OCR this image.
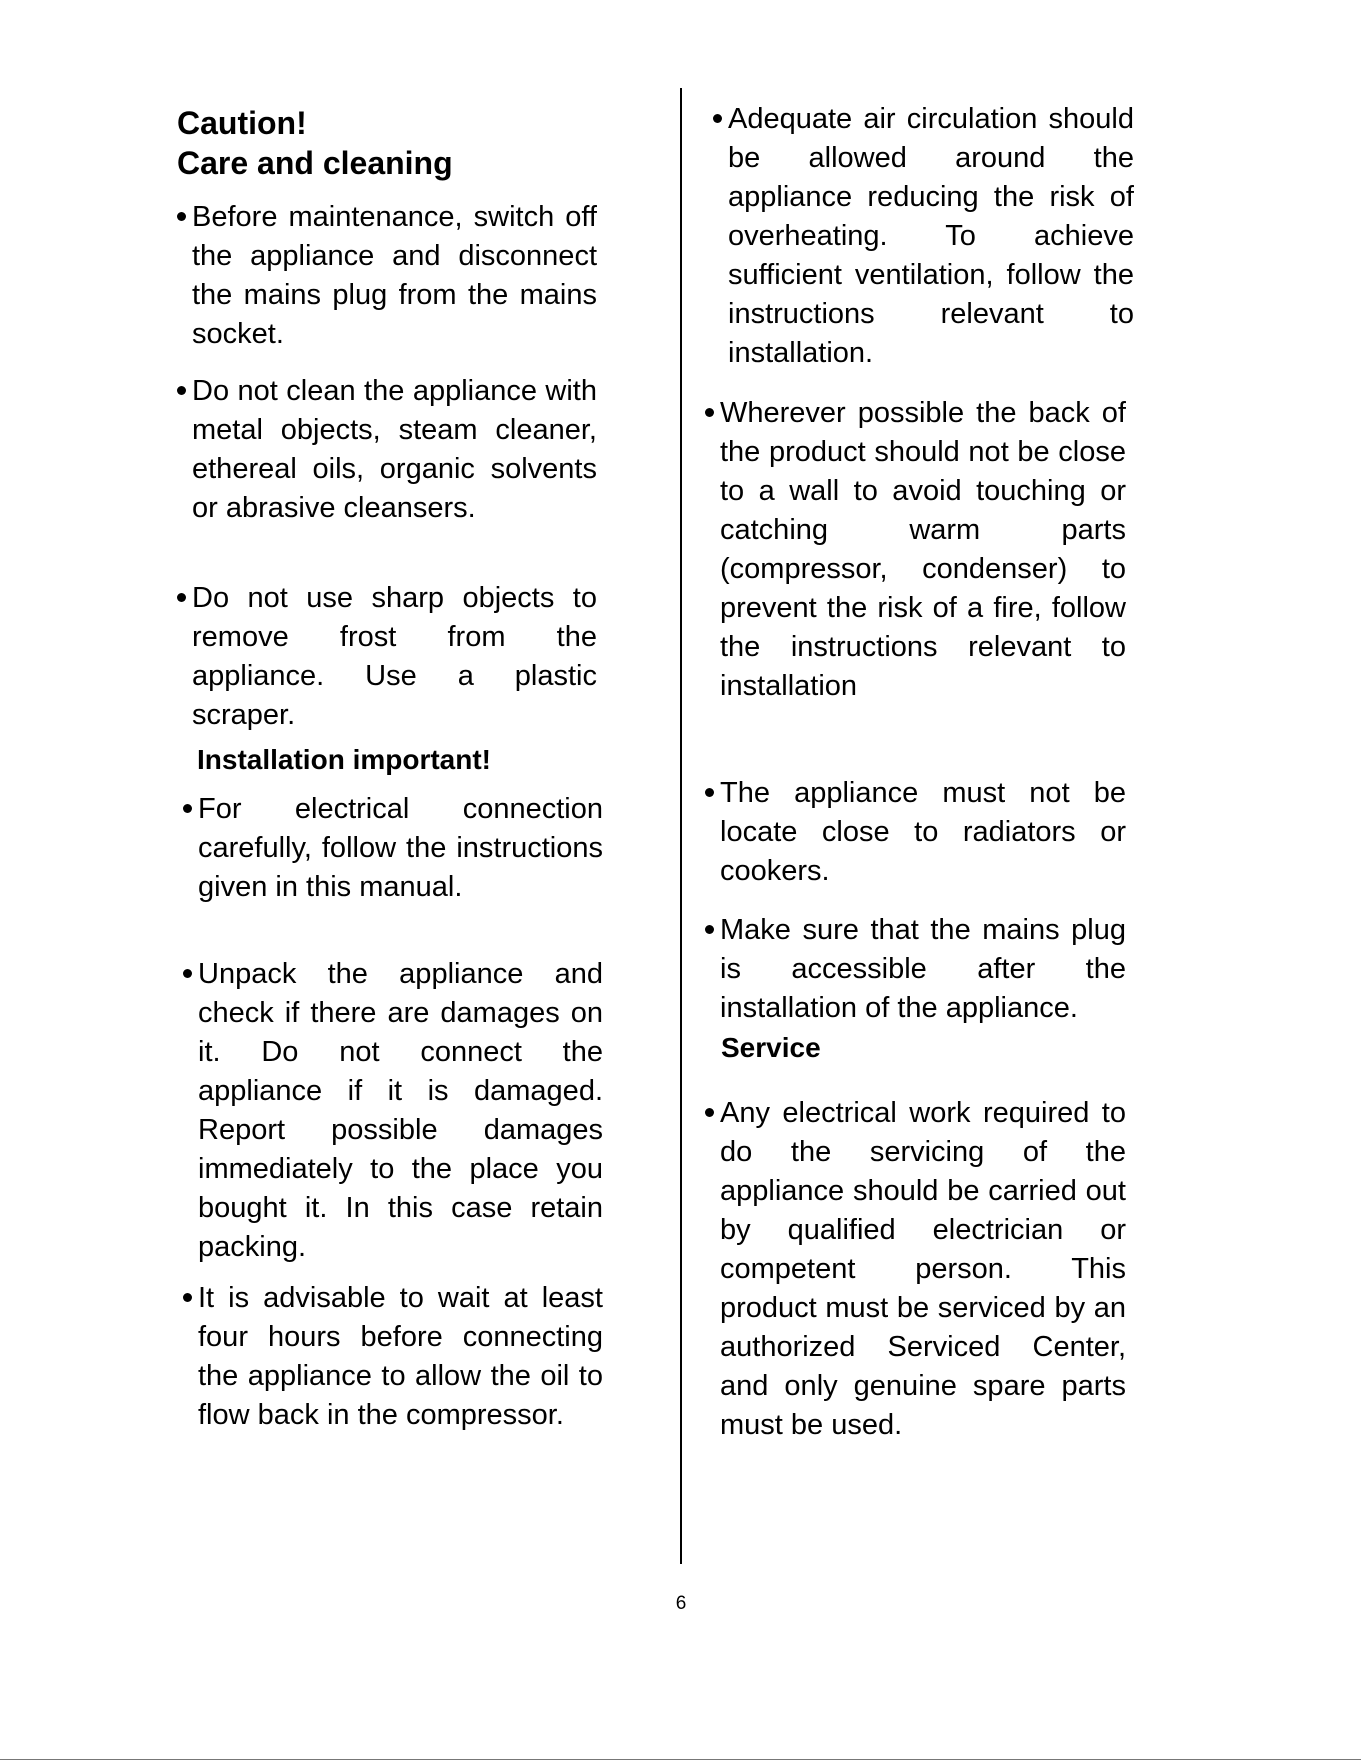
Caution!
Care and cleaning
Before maintenance, switch off the appliance and disconnect the mains plug from the mains socket.
Do not clean the appliance with metal objects, steam cleaner, ethereal oils, organic solvents or abrasive cleansers.
Do not use sharp objects to remove frost from the appliance. Use a plastic scraper.
Installation important!
For electrical connection carefully, follow the instructions given in this manual.
Unpack the appliance and check if there are damages on it. Do not connect the appliance if it is damaged. Report possible damages immediately to the place you bought it. In this case retain packing.
It is advisable to wait at least four hours before connecting the appliance to allow the oil to flow back in the compressor.
Adequate air circulation should be allowed around the appliance reducing the risk of overheating. To achieve sufficient ventilation, follow the instructions relevant to installation.
Wherever possible the back of the product should not be close to a wall to avoid touching or catching warm parts (compressor, condenser) to prevent the risk of a fire, follow the instructions relevant to installation
The appliance must not be locate close to radiators or cookers.
Make sure that the mains plug is accessible after the installation of the appliance.
Service
Any electrical work required to do the servicing of the appliance should be carried out by qualified electrician or competent person. This product must be serviced by an authorized Serviced Center, and only genuine spare parts must be used.
6
